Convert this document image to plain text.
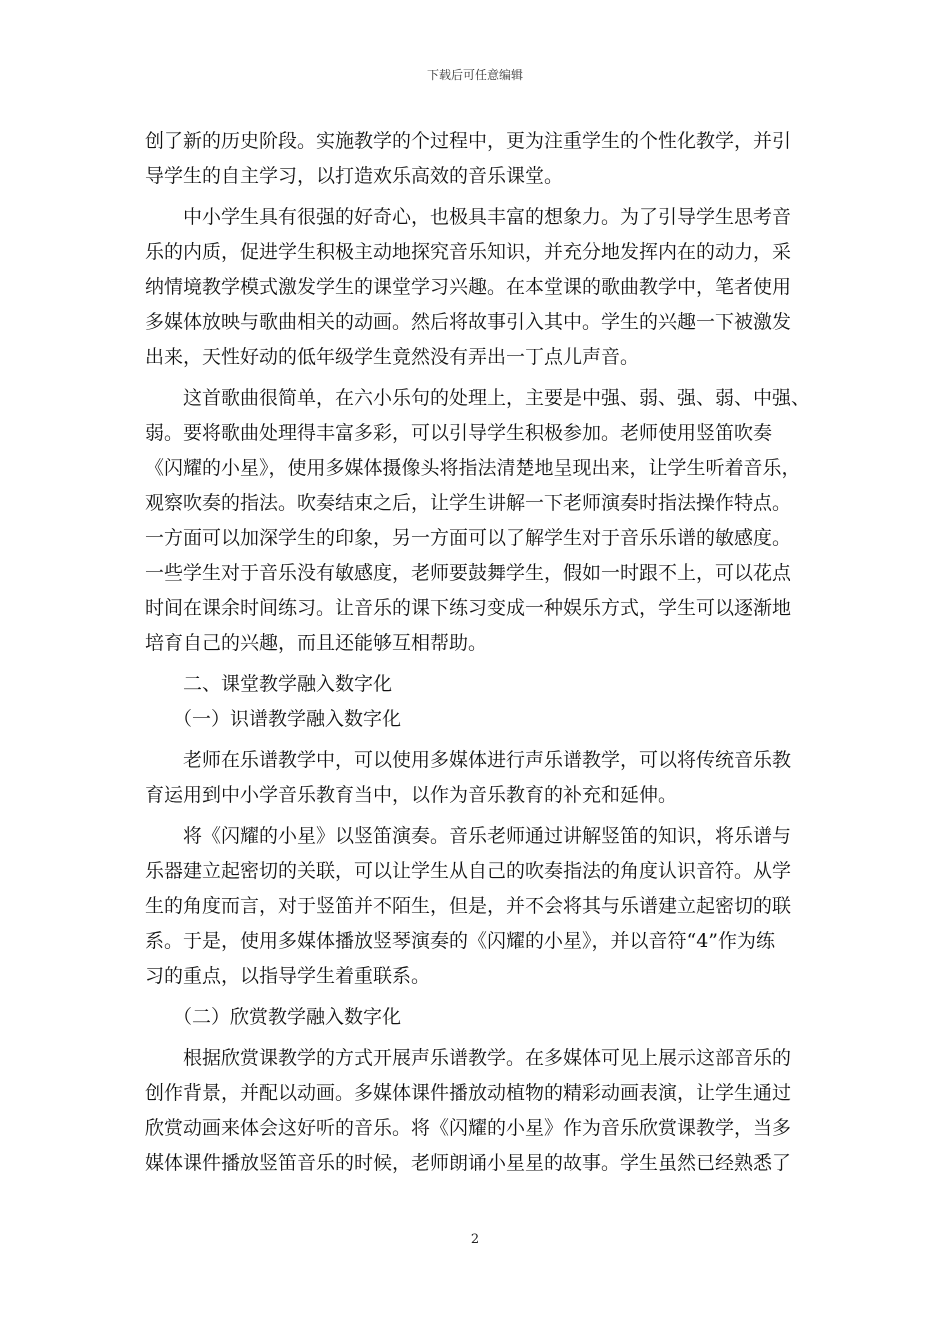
下载后可任意编辑
创了新的历史阶段。实施教学的个过程中，更为注重学生的个性化教学，并引
导学生的自主学习，以打造欢乐高效的音乐课堂。
中小学生具有很强的好奇心，也极具丰富的想象力。为了引导学生思考音
乐的内质，促进学生积极主动地探究音乐知识，并充分地发挥内在的动力，采
纳情境教学模式激发学生的课堂学习兴趣。在本堂课的歌曲教学中，笔者使用
多媒体放映与歌曲相关的动画。然后将故事引入其中。学生的兴趣一下被激发
出来，天性好动的低年级学生竟然没有弄出一丁点儿声音。
这首歌曲很简单，在六小乐句的处理上，主要是中强、弱、强、弱、中强、
弱。要将歌曲处理得丰富多彩，可以引导学生积极参加。老师使用竖笛吹奏
《闪耀的小星》，使用多媒体摄像头将指法清楚地呈现出来，让学生听着音乐，
观察吹奏的指法。吹奏结束之后，让学生讲解一下老师演奏时指法操作特点。
一方面可以加深学生的印象，另一方面可以了解学生对于音乐乐谱的敏感度。
一些学生对于音乐没有敏感度，老师要鼓舞学生，假如一时跟不上，可以花点
时间在课余时间练习。让音乐的课下练习变成一种娱乐方式，学生可以逐渐地
培育自己的兴趣，而且还能够互相帮助。
二、课堂教学融入数字化
（一）识谱教学融入数字化
老师在乐谱教学中，可以使用多媒体进行声乐谱教学，可以将传统音乐教
育运用到中小学音乐教育当中，以作为音乐教育的补充和延伸。
将《闪耀的小星》以竖笛演奏。音乐老师通过讲解竖笛的知识，将乐谱与
乐器建立起密切的关联，可以让学生从自己的吹奏指法的角度认识音符。从学
生的角度而言，对于竖笛并不陌生，但是，并不会将其与乐谱建立起密切的联
系。于是，使用多媒体播放竖琴演奏的《闪耀的小星》，并以音符“4”作为练
习的重点，以指导学生着重联系。
（二）欣赏教学融入数字化
根据欣赏课教学的方式开展声乐谱教学。在多媒体可见上展示这部音乐的
创作背景，并配以动画。多媒体课件播放动植物的精彩动画表演，让学生通过
欣赏动画来体会这好听的音乐。将《闪耀的小星》作为音乐欣赏课教学，当多
媒体课件播放竖笛音乐的时候，老师朗诵小星星的故事。学生虽然已经熟悉了
2
